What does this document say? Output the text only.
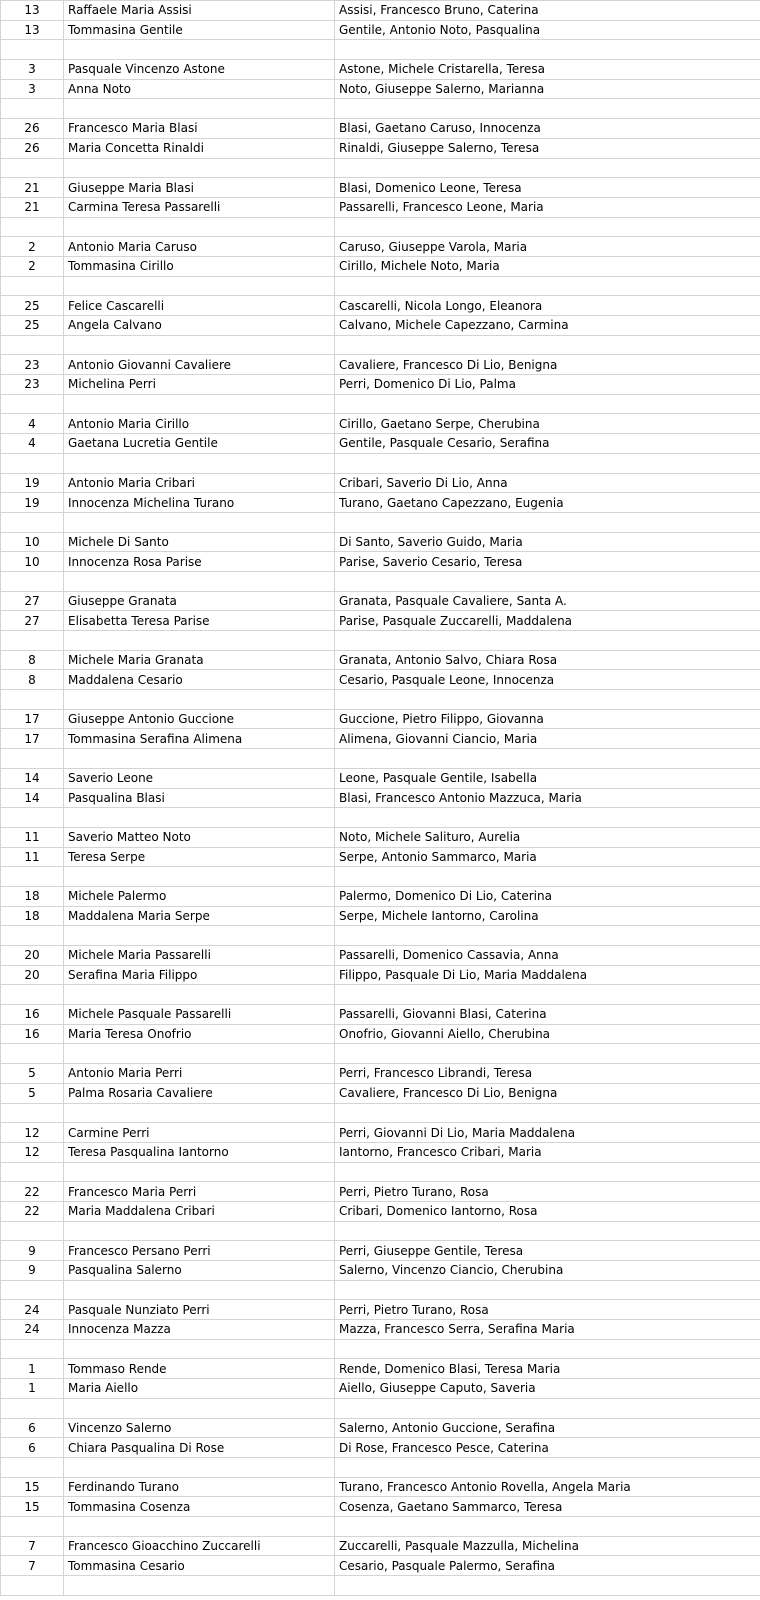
13	Raffaele Maria Assisi	Assisi, Francesco Bruno, Caterina
13	Tommasina Gentile	Gentile, Antonio Noto, Pasqualina

3	Pasquale Vincenzo Astone	Astone, Michele Cristarella, Teresa
3	Anna Noto	Noto, Giuseppe Salerno, Marianna

26	Francesco Maria Blasi	Blasi, Gaetano Caruso, Innocenza
26	Maria Concetta Rinaldi	Rinaldi, Giuseppe Salerno, Teresa

21	Giuseppe Maria Blasi	Blasi, Domenico Leone, Teresa
21	Carmina Teresa Passarelli	Passarelli, Francesco Leone, Maria

2	Antonio Maria Caruso	Caruso, Giuseppe Varola, Maria
2	Tommasina Cirillo	Cirillo, Michele Noto, Maria

25	Felice Cascarelli	Cascarelli, Nicola Longo, Eleanora
25	Angela Calvano	Calvano, Michele Capezzano, Carmina

23	Antonio Giovanni Cavaliere	Cavaliere, Francesco Di Lio, Benigna
23	Michelina Perri	Perri, Domenico Di Lio, Palma

4	Antonio Maria Cirillo	Cirillo, Gaetano Serpe, Cherubina
4	Gaetana Lucretia Gentile	Gentile, Pasquale Cesario, Serafina

19	Antonio Maria Cribari	Cribari, Saverio Di Lio, Anna
19	Innocenza Michelina Turano	Turano, Gaetano Capezzano, Eugenia

10	Michele Di Santo	Di Santo, Saverio Guido, Maria
10	Innocenza Rosa Parise	Parise, Saverio Cesario, Teresa

27	Giuseppe Granata	Granata, Pasquale Cavaliere, Santa A.
27	Elisabetta Teresa Parise	Parise, Pasquale Zuccarelli, Maddalena

8	Michele Maria Granata	Granata, Antonio Salvo, Chiara Rosa
8	Maddalena Cesario	Cesario, Pasquale Leone, Innocenza

17	Giuseppe Antonio Guccione	Guccione, Pietro Filippo, Giovanna
17	Tommasina Serafina Alimena	Alimena, Giovanni Ciancio, Maria

14	Saverio Leone	Leone, Pasquale Gentile, Isabella
14	Pasqualina Blasi	Blasi, Francesco Antonio Mazzuca, Maria

11	Saverio Matteo Noto	Noto, Michele Salituro, Aurelia
11	Teresa Serpe	Serpe, Antonio Sammarco, Maria

18	Michele Palermo	Palermo, Domenico Di Lio, Caterina
18	Maddalena Maria Serpe	Serpe, Michele Iantorno, Carolina

20	Michele Maria Passarelli	Passarelli, Domenico Cassavia, Anna
20	Serafina Maria Filippo	Filippo, Pasquale Di Lio, Maria Maddalena

16	Michele Pasquale Passarelli	Passarelli, Giovanni Blasi, Caterina
16	Maria Teresa Onofrio	Onofrio, Giovanni Aiello, Cherubina

5	Antonio Maria Perri	Perri, Francesco Librandi, Teresa
5	Palma Rosaria Cavaliere	Cavaliere, Francesco Di Lio, Benigna

12	Carmine Perri	Perri, Giovanni Di Lio, Maria Maddalena
12	Teresa Pasqualina Iantorno	Iantorno, Francesco Cribari, Maria

22	Francesco Maria Perri	Perri, Pietro Turano, Rosa
22	Maria Maddalena Cribari	Cribari, Domenico Iantorno, Rosa

9	Francesco Persano Perri	Perri, Giuseppe Gentile, Teresa
9	Pasqualina Salerno	Salerno, Vincenzo Ciancio, Cherubina

24	Pasquale Nunziato Perri	Perri, Pietro Turano, Rosa
24	Innocenza Mazza	Mazza, Francesco Serra, Serafina Maria

1	Tommaso Rende	Rende, Domenico Blasi, Teresa Maria
1	Maria Aiello	Aiello, Giuseppe Caputo, Saveria

6	Vincenzo Salerno	Salerno, Antonio Guccione, Serafina
6	Chiara Pasqualina Di Rose	Di Rose, Francesco Pesce, Caterina

15	Ferdinando Turano	Turano, Francesco Antonio Rovella, Angela Maria
15	Tommasina Cosenza	Cosenza, Gaetano Sammarco, Teresa

7	Francesco Gioacchino Zuccarelli	Zuccarelli, Pasquale Mazzulla, Michelina
7	Tommasina Cesario	Cesario, Pasquale Palermo, Serafina
